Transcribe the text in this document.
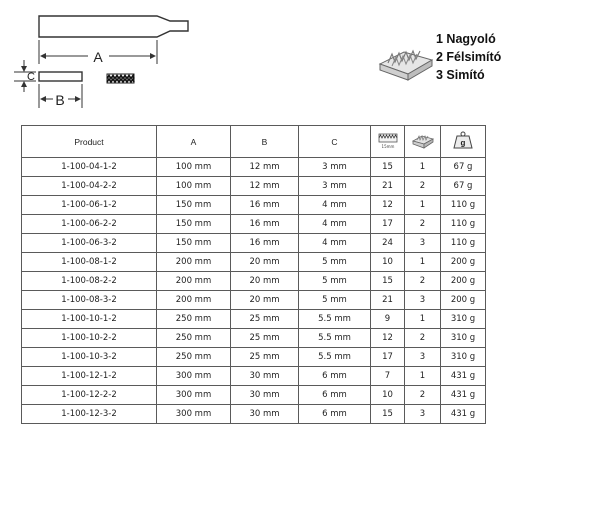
A
C
B
1 Nagyoló
2 Félsimító
3 Simító
Product	A	B	C	15mm		g

1-100-04-1-2	100 mm	12 mm	3 mm	15	1	67 g
1-100-04-2-2	100 mm	12 mm	3 mm	21	2	67 g
1-100-06-1-2	150 mm	16 mm	4 mm	12	1	110 g
1-100-06-2-2	150 mm	16 mm	4 mm	17	2	110 g
1-100-06-3-2	150 mm	16 mm	4 mm	24	3	110 g
1-100-08-1-2	200 mm	20 mm	5 mm	10	1	200 g
1-100-08-2-2	200 mm	20 mm	5 mm	15	2	200 g
1-100-08-3-2	200 mm	20 mm	5 mm	21	3	200 g
1-100-10-1-2	250 mm	25 mm	5.5 mm	9	1	310 g
1-100-10-2-2	250 mm	25 mm	5.5 mm	12	2	310 g
1-100-10-3-2	250 mm	25 mm	5.5 mm	17	3	310 g
1-100-12-1-2	300 mm	30 mm	6 mm	7	1	431 g
1-100-12-2-2	300 mm	30 mm	6 mm	10	2	431 g
1-100-12-3-2	300 mm	30 mm	6 mm	15	3	431 g
